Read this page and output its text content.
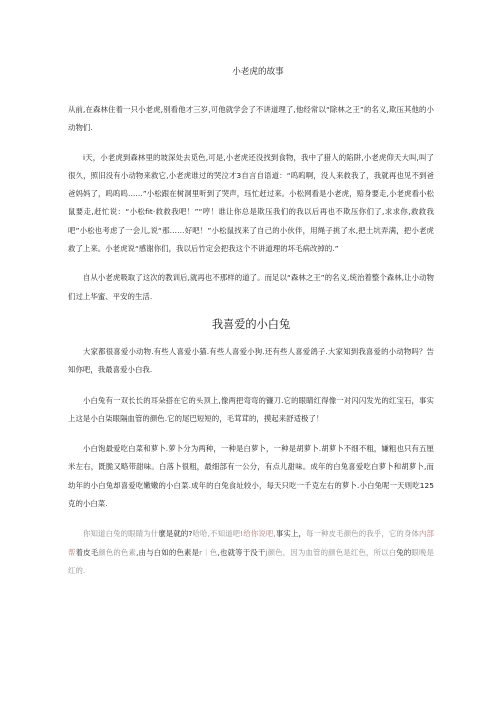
小老虎的故事

从前,在森林住着一只小老虎,别看他才三岁,可他就学会了不讲道理了,他经常以“除林之王”的名义,欺压其他的小动物们.

i天，小老虎到森林里的坡深处去觅色,可是,小老虎还没找到食物，我中了猎人的陷阱,小老虎仰天大叫,叫了很久，照旧没有小动物来救它,小老虎谁过的哭泣才3自言自语道：“呜呜啊，没人来救我了，我就再也见不到爸爸妈妈了，呜呜呜……”小松跟在树洞里听到了哭声，珏忙赶过来。小松网看是小老虎，赔身要走,小老虎看小松鼠要走,赶忙说：“小松fit·救救我吧！”“哼！谁让你总是欺压我们的我以后再也不欺压你们了,求求你,救救我吧”小松也考虑了一会儿,说“那……好吧！”小松鼠找来了自己的小伙伴，用绳子挑了水,把土坑弄满，把小老虎救了上来。小老虎说“感谢你们，我以后竹定会把我这个不讲道理的坏毛病改掉的.”

自从小老虎吸取了这次的教训后,就再也不那样的道了。而足以“森林之王”的名义,统治着整个森林,让小动物们过上华蜜、平安的生活.

我喜爱的小白兔

大家都很喜爱小动物.有些人喜爱小猫.有些人喜爱小狗.还有些人喜爱鸽子.大家知到我喜爱的小动物吗？告知你吧，我最喜爱小白我.

小白兔有一双长长的耳朵搭在它的头顶上,像两把弯弯的镰刀.它的眼睛红得像一对闪闪发光的红宝石，事实上这是小白柒眼隔血管的颜色.它的尾巴短短的，毛茸茸的，摸起来舒适极了！

小白饱最爱吃白菜和萝卜.萝卜分为两种，一种是白萝卜，一种是胡萝卜.胡萝卜不细不粗，嫌粗也只有五厘米左右，既脆又略带甜味。白落卜很粗，最细部有一公分，有点儿甜味。成年的白兔喜爱吃白萝卜和胡萝卜,而幼年的小白兔却喜爱吃嫩嫩的小白菜.成年的白兔食址较小，每天只吃一千克左右的萝卜.小白兔呢一天则吃125克的小白菜.

你知道白兔的眼睛为什麼是就的?哈哈,不知道吧!给你说吧,事实上，每一种皮毛颜色的我乎，它的身体内部帮着皮毛颜色的色素,由与白如的色素是r｜色,也就等于没干j颜色，因为血管的颜色是红色，所以白兔的眼晚是红的.
